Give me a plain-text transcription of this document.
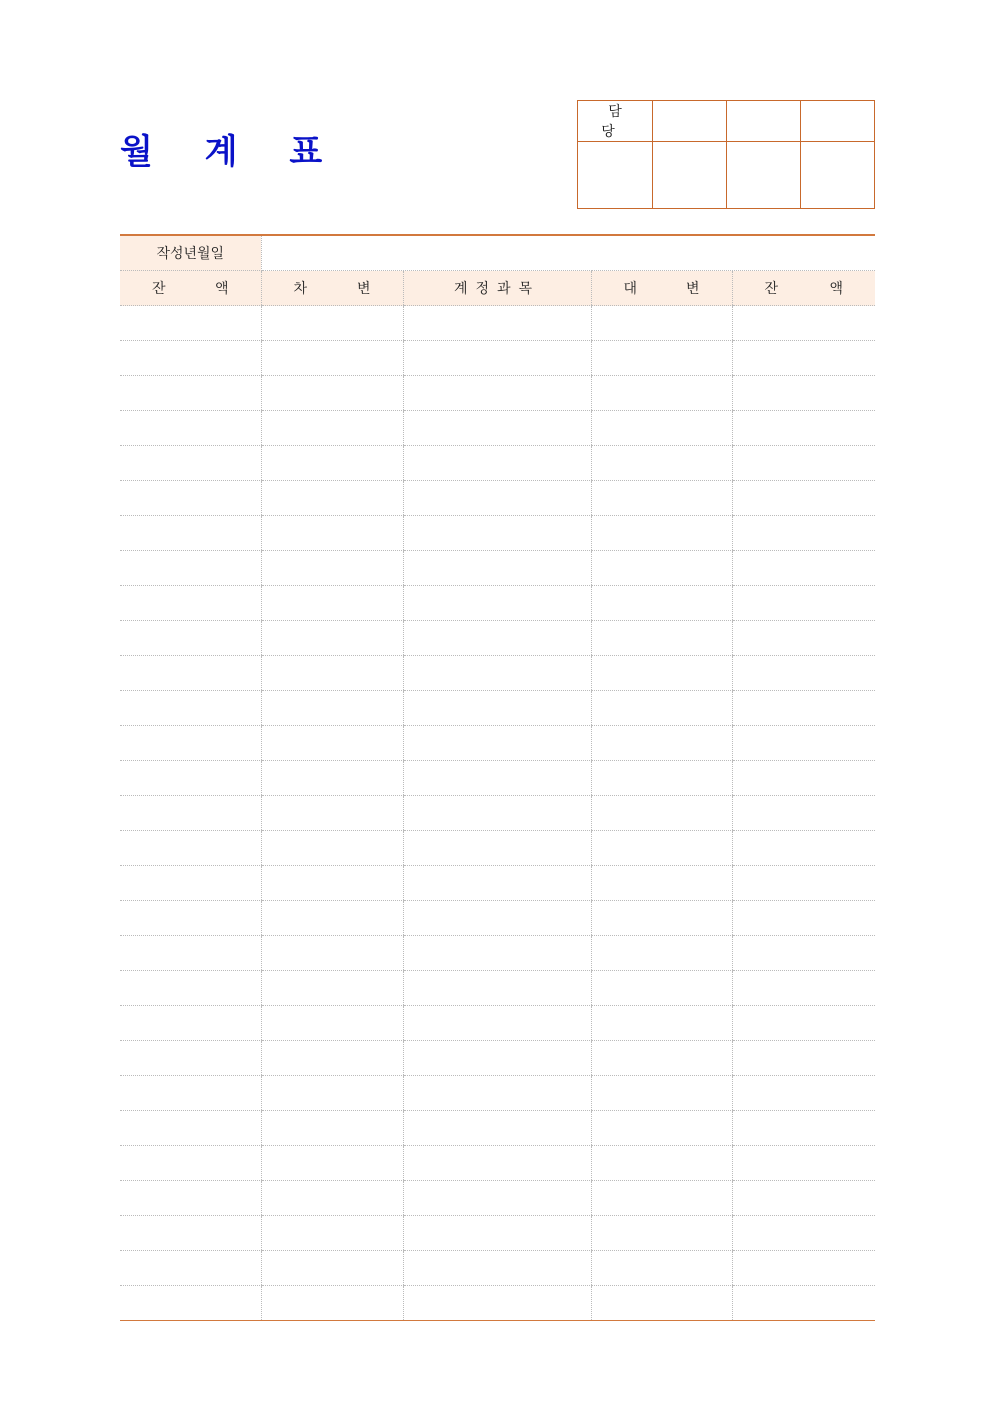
월 계 표
담 당			

작성년월일				

잔 액	차 변	계정과목	대 변	잔 액
